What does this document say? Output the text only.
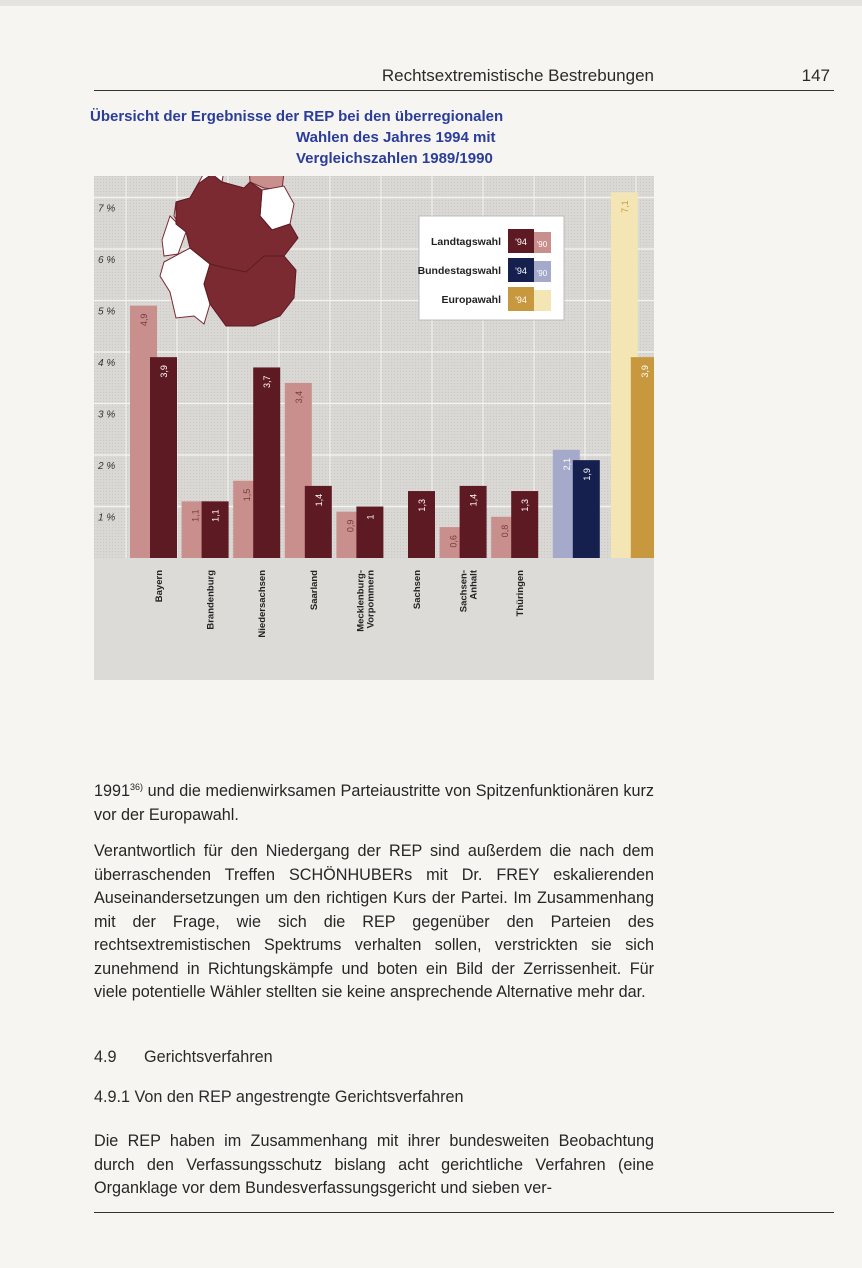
Rechtsextremistische Bestrebungen	147
Übersicht der Ergebnisse der REP bei den überregionalen
Wahlen des Jahres 1994 mit
Vergleichszahlen 1989/1990
1 %
2 %
3 %
4 %
5 %
6 %
7 %
4,9
3,9
1,1 1,1
1,5
3,7
3,4
1,4
0,9
1
1,3
0,6
1,4
0,8
1,3
2,1
1,9
7,1
3,9
Bayern	Brandenburg	Niedersachsen	Saarland	Mecklenburg- Vorpommern	Sachsen	Sachsen- Anhalt	Thüringen
Landtagswahl '94 '90
Bundestagswahl '94 '90
Europawahl '94

1991$^{36)}$ und die medienwirksamen Parteiaustritte von Spitzenfunktionären kurz vor der Europawahl.

Verantwortlich für den Niedergang der REP sind außerdem die nach dem überraschenden Treffen SCHÖNHUBERs mit Dr. FREY eskalierenden Auseinandersetzungen um den richtigen Kurs der Partei. Im Zusammenhang mit der Frage, wie sich die REP gegenüber den Parteien des rechtsextremistischen Spektrums verhalten sollen, verstrickten sie sich zunehmend in Richtungskämpfe und boten ein Bild der Zerrissenheit. Für viele potentielle Wähler stellten sie keine ansprechende Alternative mehr dar.

4.9 Gerichtsverfahren
4.9.1 Von den REP angestrengte Gerichtsverfahren

Die REP haben im Zusammenhang mit ihrer bundesweiten Beobachtung durch den Verfassungsschutz bislang acht gerichtliche Verfahren (eine Organklage vor dem Bundesverfassungsgericht und sieben ver-
